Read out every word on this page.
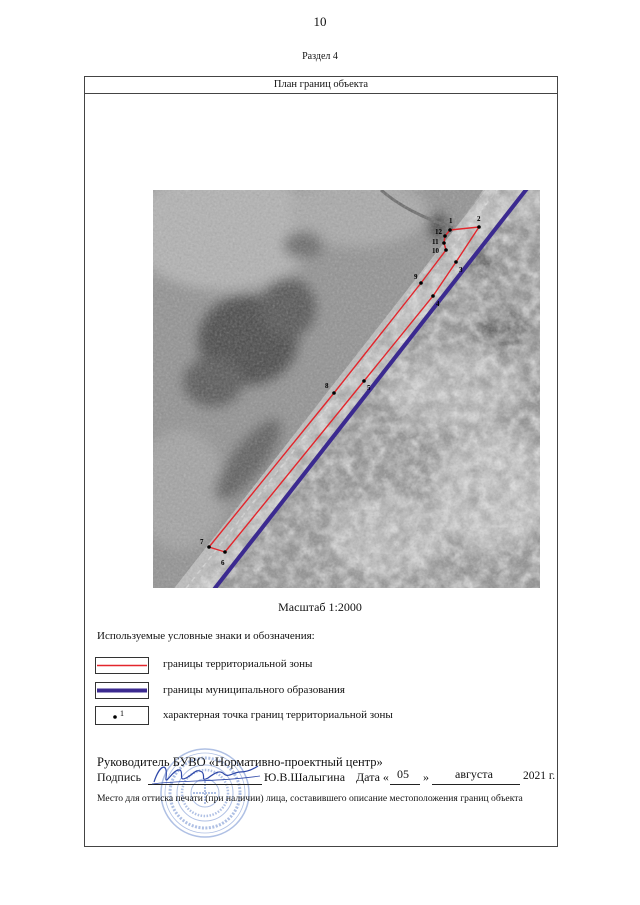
10
Раздел 4
План границ объекта
1	2
3
4
5
6
7
8
9
10
11
12
Масштаб 1:2000
Используемые условные знаки и обозначения:
границы территориальной зоны
границы муниципального образования
1	характерная точка границ территориальной зоны
Руководитель БУВО «Нормативно-проектный центр»
Подпись	Ю.В.Шалыгина Дата « 05 » августа	2021 г.
Место для оттиска печати (при наличии) лица, составившего описание местоположения границ объекта
